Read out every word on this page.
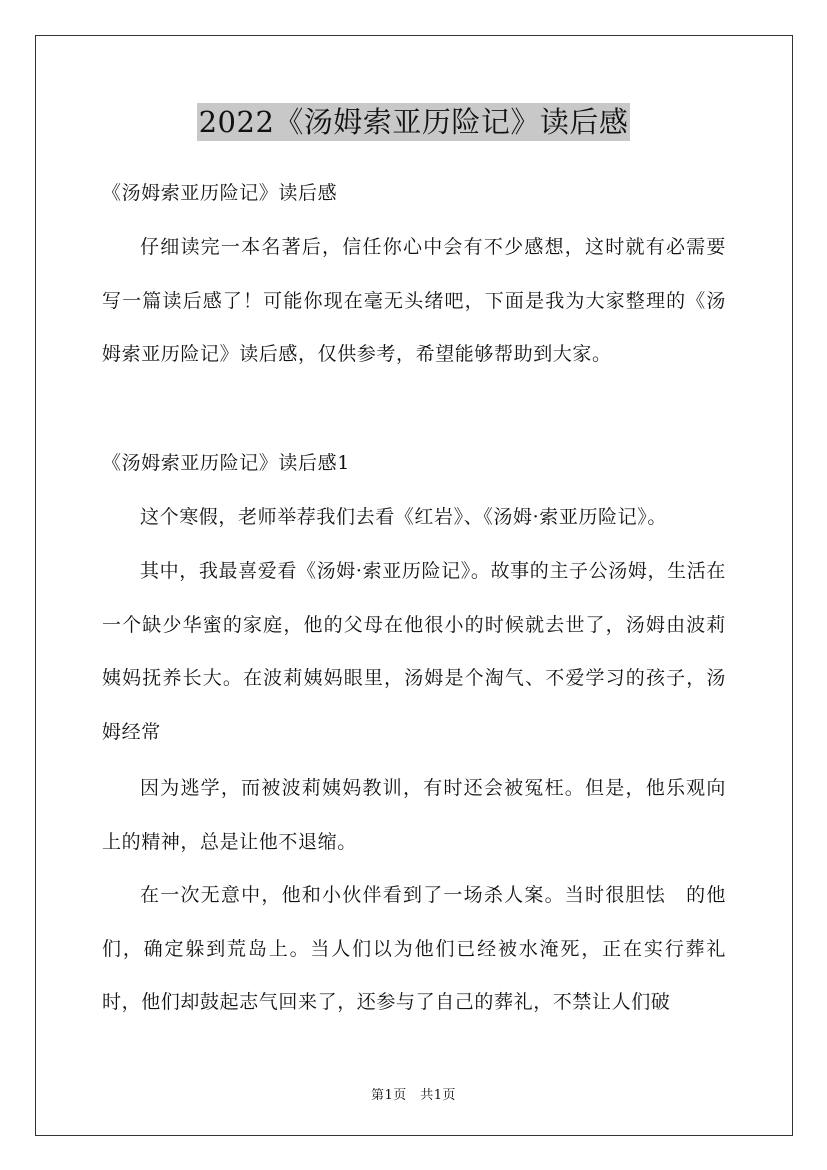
2022《汤姆索亚历险记》读后感

《汤姆索亚历险记》读后感

仔细读完一本名著后，信任你心中会有不少感想，这时就有必需要写一篇读后感了！可能你现在毫无头绪吧，下面是我为大家整理的《汤姆索亚历险记》读后感，仅供参考，希望能够帮助到大家。

《汤姆索亚历险记》读后感1

这个寒假，老师举荐我们去看《红岩》、《汤姆·索亚历险记》。

其中，我最喜爱看《汤姆·索亚历险记》。故事的主子公汤姆，生活在一个缺少华蜜的家庭，他的父母在他很小的时候就去世了，汤姆由波莉姨妈抚养长大。在波莉姨妈眼里，汤姆是个淘气、不爱学习的孩子，汤姆经常

因为逃学，而被波莉姨妈教训，有时还会被冤枉。但是，他乐观向上的精神，总是让他不退缩。

在一次无意中，他和小伙伴看到了一场杀人案。当时很胆怯　的他们，确定躲到荒岛上。当人们以为他们已经被水淹死，正在实行葬礼时，他们却鼓起志气回来了，还参与了自己的葬礼，不禁让人们破

第1页　共1页
